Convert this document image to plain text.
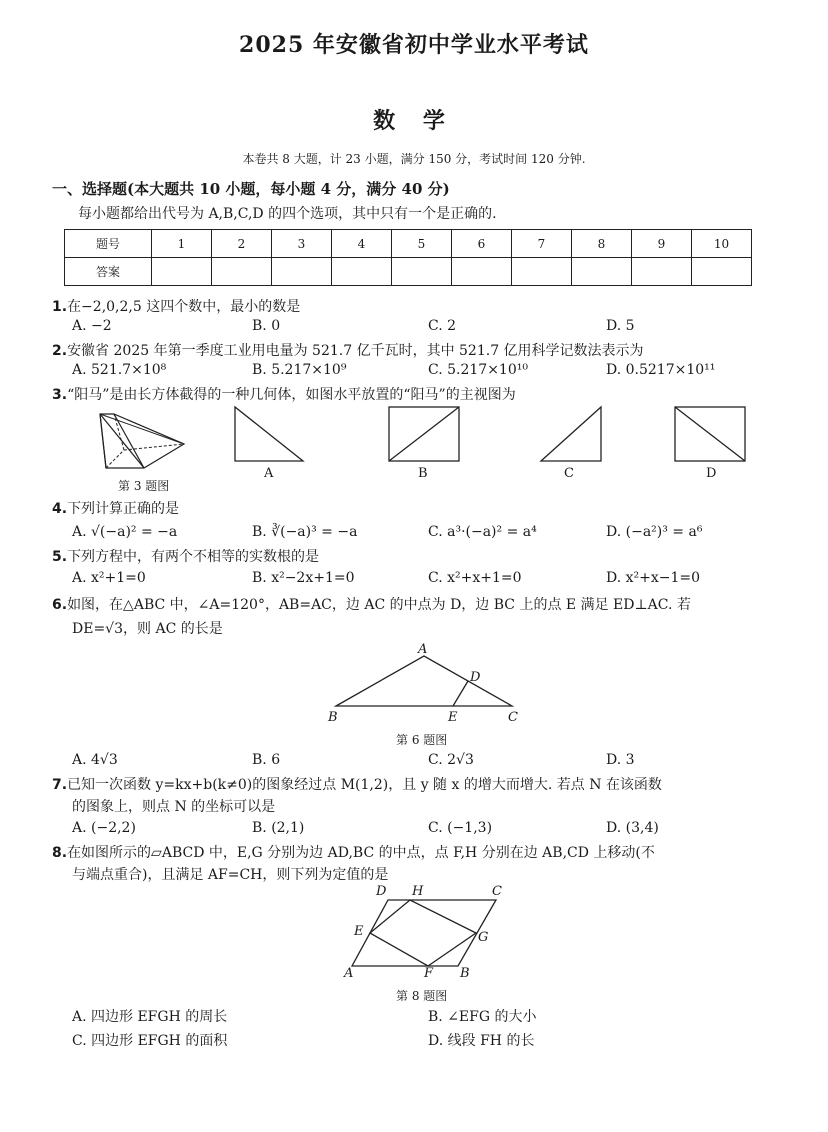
2025 年安徽省初中学业水平考试
数 学
本卷共 8 大题，计 23 小题，满分 150 分，考试时间 120 分钟.
一、选择题(本大题共 10 小题，每小题 4 分，满分 40 分)
每小题都给出代号为 A,B,C,D 的四个选项，其中只有一个是正确的.
题号	1	2	3	4	5	6	7	8	9	10
答案										
1.在−2,0,2,5 这四个数中，最小的数是
A. −2	B. 0	C. 2	D. 5
2.安徽省 2025 年第一季度工业用电量为 521.7 亿千瓦时，其中 521.7 亿用科学记数法表示为
A. 521.7×10⁸	B. 5.217×10⁹	C. 5.217×10¹⁰	D. 0.5217×10¹¹
3.“阳马”是由长方体截得的一种几何体，如图水平放置的“阳马”的主视图为
第 3 题图
A	B	C	D
4.下列计算正确的是
A. √(−a)² = −a	B. ∛(−a)³ = −a	C. a³·(−a)² = a⁴	D. (−a²)³ = a⁶
5.下列方程中，有两个不相等的实数根的是
A. x²+1=0	B. x²−2x+1=0	C. x²+x+1=0	D. x²+x−1=0
6.如图，在△ABC 中，∠A=120°，AB=AC，边 AC 的中点为 D，边 BC 上的点 E 满足 ED⊥AC. 若
DE=√3，则 AC 的长是
A
D
B	E	C
第 6 题图
A. 4√3	B. 6	C. 2√3	D. 3
7.已知一次函数 y=kx+b(k≠0)的图象经过点 M(1,2)，且 y 随 x 的增大而增大. 若点 N 在该函数
的图象上，则点 N 的坐标可以是
A. (−2,2)	B. (2,1)	C. (−1,3)	D. (3,4)
8.在如图所示的▱ABCD 中，E,G 分别为边 AD,BC 的中点，点 F,H 分别在边 AB,CD 上移动(不
与端点重合)，且满足 AF=CH，则下列为定值的是
D H	C
E	G
A	F B
第 8 题图
A. 四边形 EFGH 的周长	B. ∠EFG 的大小
C. 四边形 EFGH 的面积	D. 线段 FH 的长
